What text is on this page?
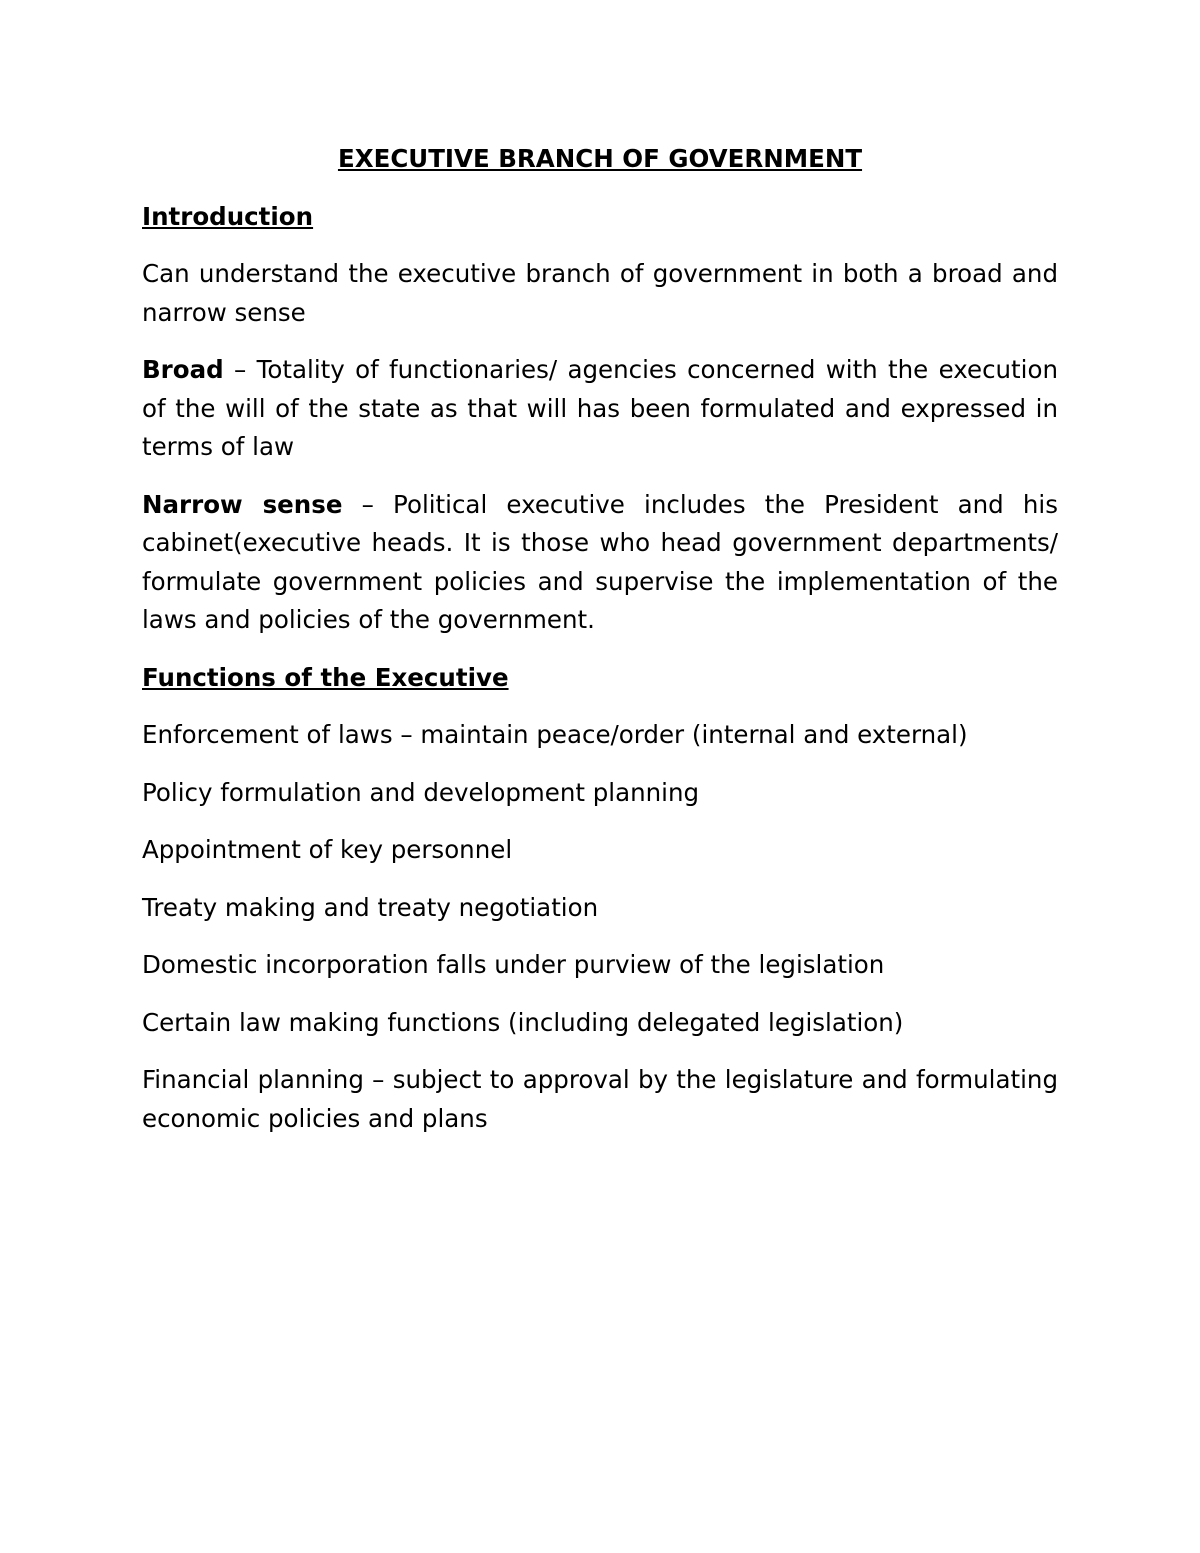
EXECUTIVE BRANCH OF GOVERNMENT
Introduction

Can understand the executive branch of government in both a broad and narrow sense

Broad – Totality of functionaries/ agencies concerned with the execution of the will of the state as that will has been formulated and expressed in terms of law

Narrow sense – Political executive includes the President and his cabinet(executive heads. It is those who head government departments/ formulate government policies and supervise the implementation of the laws and policies of the government.

Functions of the Executive

Enforcement of laws – maintain peace/order (internal and external)

Policy formulation and development planning

Appointment of key personnel

Treaty making and treaty negotiation

Domestic incorporation falls under purview of the legislation

Certain law making functions (including delegated legislation)

Financial planning – subject to approval by the legislature and formulating economic policies and plans
